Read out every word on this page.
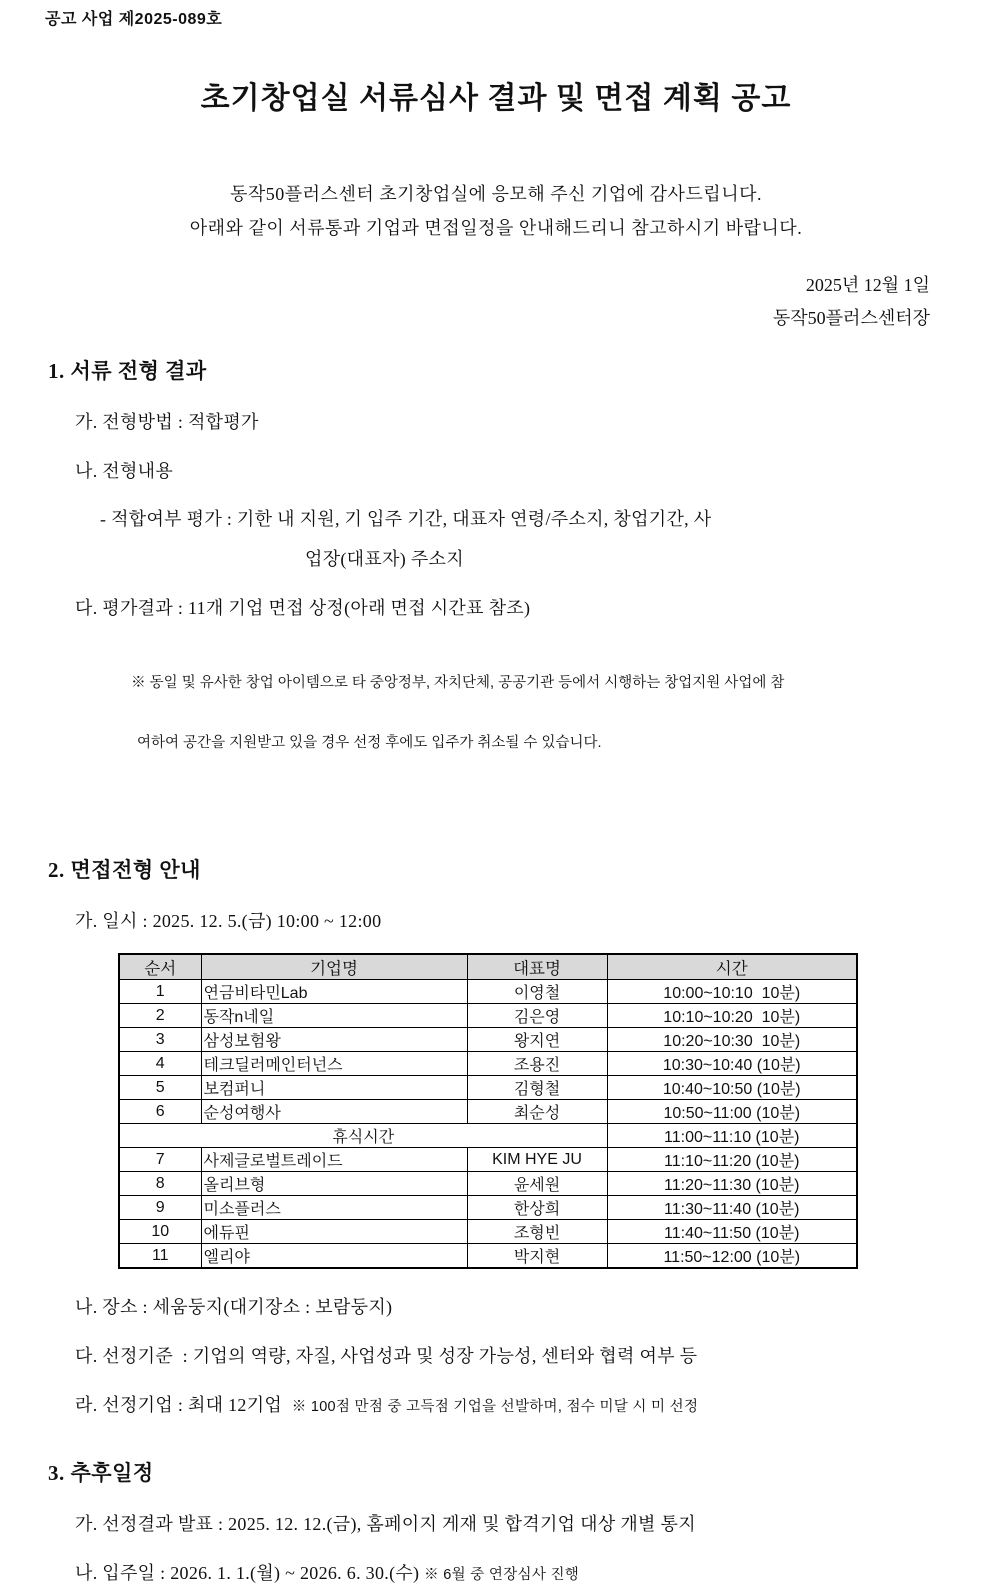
공고 사업 제2025-089호
초기창업실 서류심사 결과 및 면접 계획 공고
동작50플러스센터 초기창업실에 응모해 주신 기업에 감사드립니다.
아래와 같이 서류통과 기업과 면접일정을 안내해드리니 참고하시기 바랍니다.
2025년 12월 1일
동작50플러스센터장
1. 서류 전형 결과
가. 전형방법 : 적합평가
나. 전형내용
- 적합여부 평가 : 기한 내 지원, 기 입주 기간, 대표자 연령/주소지, 창업기간, 사
업장(대표자) 주소지
다. 평가결과 : 11개 기업 면접 상정(아래 면접 시간표 참조)

※ 동일 및 유사한 창업 아이템으로 타 중앙정부, 자치단체, 공공기관 등에서 시행하는 창업지원 사업에 참

여하여 공간을 지원받고 있을 경우 선정 후에도 입주가 취소될 수 있습니다.

2. 면접전형 안내
가. 일시 : 2025. 12. 5.(금) 10:00 ~ 12:00
순서	기업명	대표명	시간
1	연금비타민Lab	이영철	10:00~10:10  10분)
2	동작n네일	김은영	10:10~10:20  10분)
3	삼성보험왕	왕지연	10:20~10:30  10분)
4	테크딜러메인터넌스	조용진	10:30~10:40 (10분)
5	보컴퍼니	김형철	10:40~10:50 (10분)
6	순성여행사	최순성	10:50~11:00 (10분)
휴식시간			11:00~11:10 (10분)
7	사제글로벌트레이드	KIM HYE JU	11:10~11:20 (10분)
8	올리브형	윤세원	11:20~11:30 (10분)
9	미소플러스	한상희	11:30~11:40 (10분)
10	에듀핀	조형빈	11:40~11:50 (10분)
11	엘리야	박지현	11:50~12:00 (10분)
나. 장소 : 세움둥지(대기장소 : 보람둥지)
다. 선정기준  : 기업의 역량, 자질, 사업성과 및 성장 가능성, 센터와 협력 여부 등
라. 선정기업 : 최대 12기업 ※ 100점 만점 중 고득점 기업을 선발하며, 점수 미달 시 미 선정
3. 추후일정
가. 선정결과 발표 : 2025. 12. 12.(금), 홈페이지 게재 및 합격기업 대상 개별 통지
나. 입주일 : 2026. 1. 1.(월) ~ 2026. 6. 30.(수) ※ 6월 중 연장심사 진행
